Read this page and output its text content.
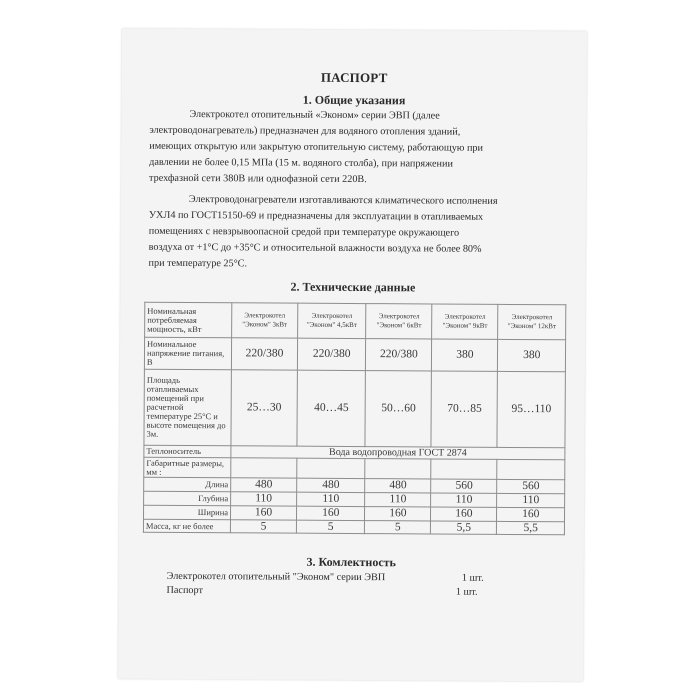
ПАСПОРТ
1. Общие указания
Электрокотел отопительный «Эконом» серии ЭВП (далее
электроводонагреватель) предназначен для водяного отопления зданий,
имеющих открытую или закрытую отопительную систему, работающую при
давлении не более 0,15 МПа (15 м. водяного столба), при напряжении
трехфазной сети 380В или однофазной сети 220В.
Электроводонагреватели изготавливаются климатического исполнения
УХЛ4 по ГОСТ15150-69 и предназначены для эксплуатации в отапливаемых
помещениях с невзрывоопасной средой при температуре окружающего
воздуха от +1°С до +35°С и относительной влажности воздуха не более 80%
при температуре 25°С.
2. Технические данные
Номинальная потребляемая мощность, кВт	Электрокотел "Эконом" 3кВт	Электрокотел "Эконом" 4,5кВт	Электрокотел "Эконом" 6кВт	Электрокотел "Эконом" 9кВт	Электрокотел "Эконом" 12кВт
Номинальное напряжение питания, В	220/380	220/380	220/380	380	380
Площадь отапливаемых помещений при расчетной температуре 25°С и высоте помещения до 3м.	25…30	40…45	50…60	70…85	95…110
Теплоноситель	Вода водопроводная ГОСТ 2874				
Габаритные размеры, мм :					
Длина	480	480	480	560	560
Глубина	110	110	110	110	110
Ширина	160	160	160	160	160
Масса, кг не более	5	5	5	5,5	5,5
3. Комлектность
Электрокотел отопительный "Эконом" серии ЭВП	1 шт.
Паспорт	1 шт.
